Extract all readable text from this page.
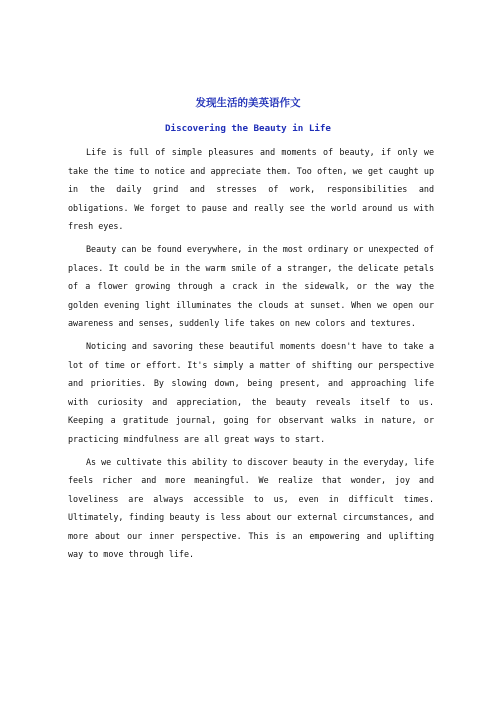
发现生活的美英语作文
Discovering the Beauty in Life

Life is full of simple pleasures and moments of beauty, if only we take the time to notice and appreciate them. Too often, we get caught up in the daily grind and stresses of work, responsibilities and obligations. We forget to pause and really see the world around us with fresh eyes.

Beauty can be found everywhere, in the most ordinary or unexpected of places. It could be in the warm smile of a stranger, the delicate petals of a flower growing through a crack in the sidewalk, or the way the golden evening light illuminates the clouds at sunset. When we open our awareness and senses, suddenly life takes on new colors and textures.

Noticing and savoring these beautiful moments doesn't have to take a lot of time or effort. It's simply a matter of shifting our perspective and priorities. By slowing down, being present, and approaching life with curiosity and appreciation, the beauty reveals itself to us. Keeping a gratitude journal, going for observant walks in nature, or practicing mindfulness are all great ways to start.

As we cultivate this ability to discover beauty in the everyday, life feels richer and more meaningful. We realize that wonder, joy and loveliness are always accessible to us, even in difficult times. Ultimately, finding beauty is less about our external circumstances, and more about our inner perspective. This is an empowering and uplifting way to move through life.
